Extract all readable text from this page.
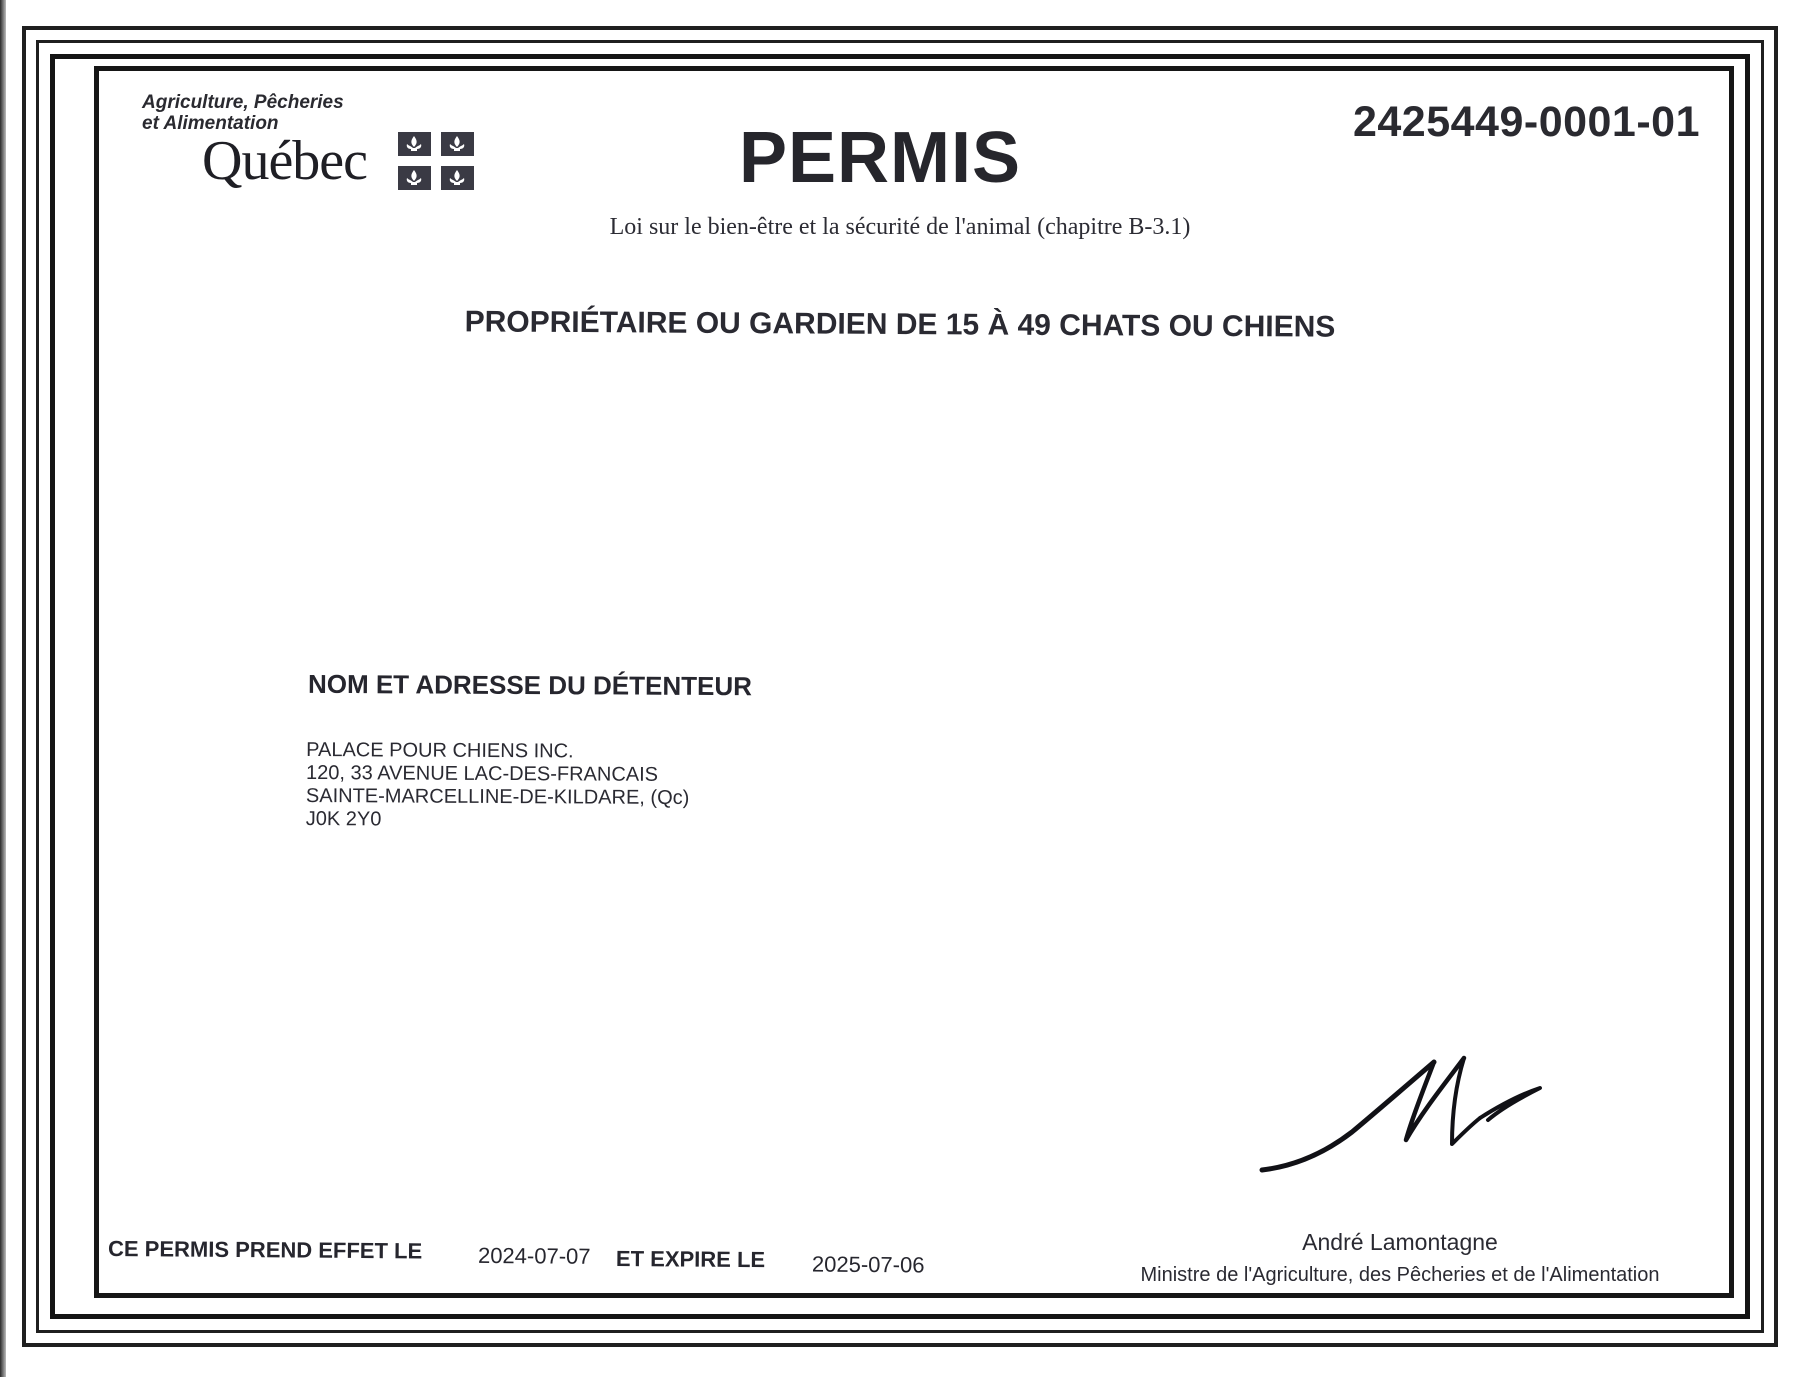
Agriculture, Pêcheries
et Alimentation
Québec
2425449-0001-01
PERMIS
Loi sur le bien-être et la sécurité de l'animal (chapitre B-3.1)
PROPRIÉTAIRE OU GARDIEN DE 15 À 49 CHATS OU CHIENS
NOM ET ADRESSE DU DÉTENTEUR
PALACE POUR CHIENS INC.
120, 33 AVENUE LAC-DES-FRANCAIS
SAINTE-MARCELLINE-DE-KILDARE, (Qc)
J0K 2Y0
André Lamontagne
Ministre de l'Agriculture, des Pêcheries et de l'Alimentation
CE PERMIS PREND EFFET LE	2024-07-07 ET EXPIRE LE 2025-07-06
